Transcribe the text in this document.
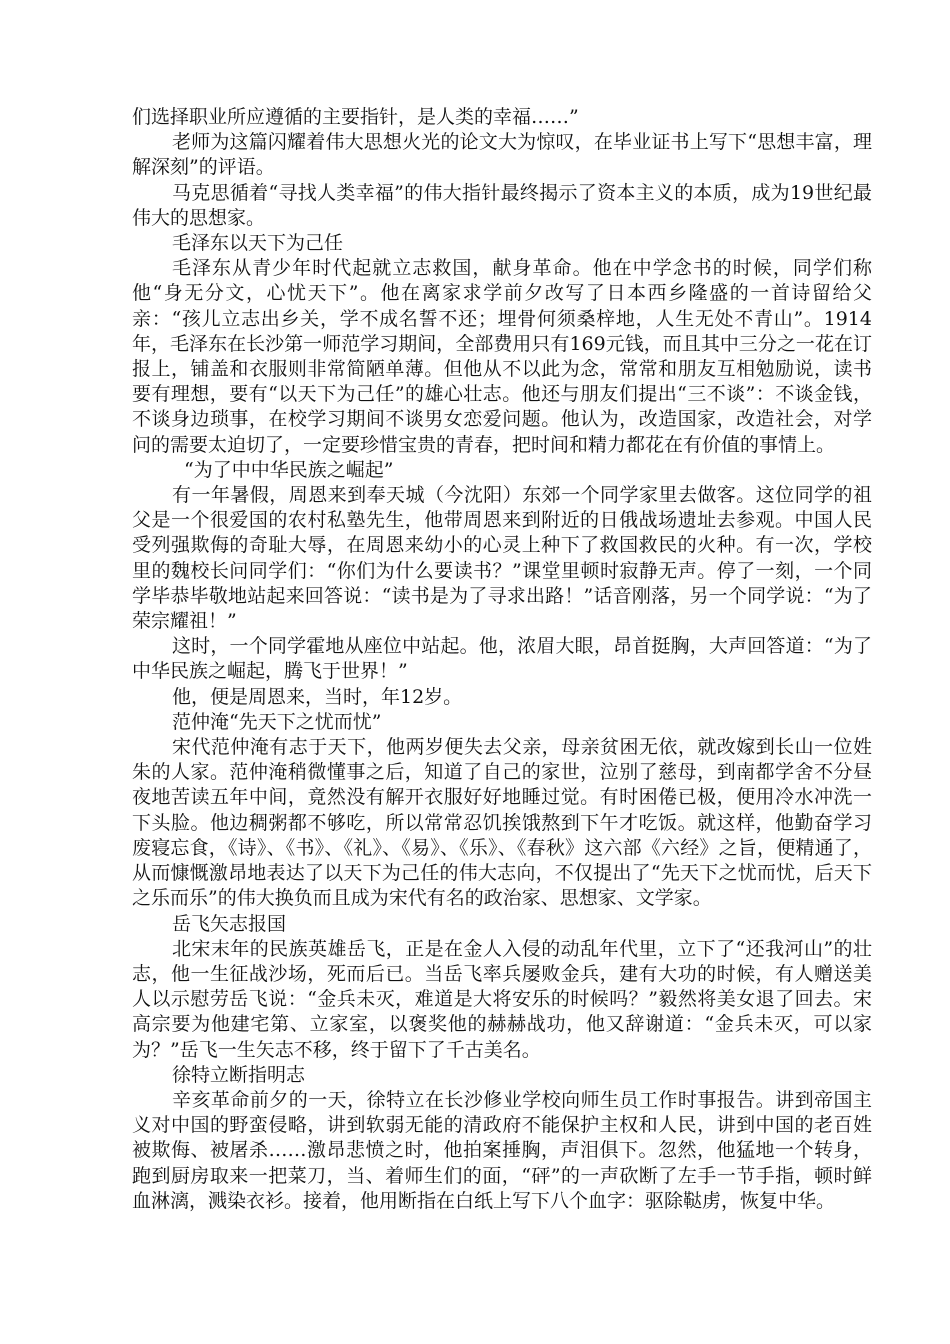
们选择职业所应遵循的主要指针，是人类的幸福……”

老师为这篇闪耀着伟大思想火光的论文大为惊叹，在毕业证书上写下“思想丰富，理解深刻”的评语。

马克思循着“寻找人类幸福”的伟大指针最终揭示了资本主义的本质，成为19世纪最伟大的思想家。

毛泽东以天下为己任

毛泽东从青少年时代起就立志救国，献身革命。他在中学念书的时候，同学们称他“身无分文，心忧天下”。他在离家求学前夕改写了日本西乡隆盛的一首诗留给父亲：“孩儿立志出乡关，学不成名誓不还；埋骨何须桑梓地，人生无处不青山”。1914年，毛泽东在长沙第一师范学习期间，全部费用只有169元钱，而且其中三分之一花在订报上，铺盖和衣服则非常简陋单薄。但他从不以此为念，常常和朋友互相勉励说，读书要有理想，要有“以天下为己任”的雄心壮志。他还与朋友们提出“三不谈”：不谈金钱，不谈身边琐事，在校学习期间不谈男女恋爱问题。他认为，改造国家，改造社会，对学问的需要太迫切了，一定要珍惜宝贵的青春，把时间和精力都花在有价值的事情上。

“为了中中华民族之崛起”

有一年暑假，周恩来到奉天城（今沈阳）东郊一个同学家里去做客。这位同学的祖父是一个很爱国的农村私塾先生，他带周恩来到附近的日俄战场遗址去参观。中国人民受列强欺侮的奇耻大辱，在周恩来幼小的心灵上种下了救国救民的火种。有一次，学校里的魏校长问同学们：“你们为什么要读书？”课堂里顿时寂静无声。停了一刻，一个同学毕恭毕敬地站起来回答说：“读书是为了寻求出路！”话音刚落，另一个同学说：“为了荣宗耀祖！”

这时，一个同学霍地从座位中站起。他，浓眉大眼，昂首挺胸，大声回答道：“为了中华民族之崛起，腾飞于世界！”

他，便是周恩来，当时，年12岁。

范仲淹“先天下之忧而忧”

宋代范仲淹有志于天下，他两岁便失去父亲，母亲贫困无依，就改嫁到长山一位姓朱的人家。范仲淹稍微懂事之后，知道了自己的家世，泣别了慈母，到南都学舍不分昼夜地苦读五年中间，竟然没有解开衣服好好地睡过觉。有时困倦已极，便用冷水冲洗一下头脸。他边稠粥都不够吃，所以常常忍饥挨饿熬到下午才吃饭。就这样，他勤奋学习废寝忘食，《诗》、《书》、《礼》、《易》、《乐》、《春秋》这六部《六经》之旨，便精通了，从而慷慨激昂地表达了以天下为己任的伟大志向，不仅提出了“先天下之忧而忧，后天下之乐而乐”的伟大换负而且成为宋代有名的政治家、思想家、文学家。

岳飞矢志报国

北宋末年的民族英雄岳飞，正是在金人入侵的动乱年代里，立下了“还我河山”的壮志，他一生征战沙场，死而后已。当岳飞率兵屡败金兵，建有大功的时候，有人赠送美人以示慰劳岳飞说：“金兵未灭，难道是大将安乐的时候吗？”毅然将美女退了回去。宋高宗要为他建宅第、立家室，以褒奖他的赫赫战功，他又辞谢道：“金兵未灭，可以家为？”岳飞一生矢志不移，终于留下了千古美名。

徐特立断指明志

辛亥革命前夕的一天，徐特立在长沙修业学校向师生员工作时事报告。讲到帝国主义对中国的野蛮侵略，讲到软弱无能的清政府不能保护主权和人民，讲到中国的老百姓被欺侮、被屠杀……激昂悲愤之时，他拍案捶胸，声泪俱下。忽然，他猛地一个转身，跑到厨房取来一把菜刀，当、着师生们的面，“砰”的一声砍断了左手一节手指，顿时鲜血淋漓，溅染衣衫。接着，他用断指在白纸上写下八个血字：驱除鞑虏，恢复中华。
